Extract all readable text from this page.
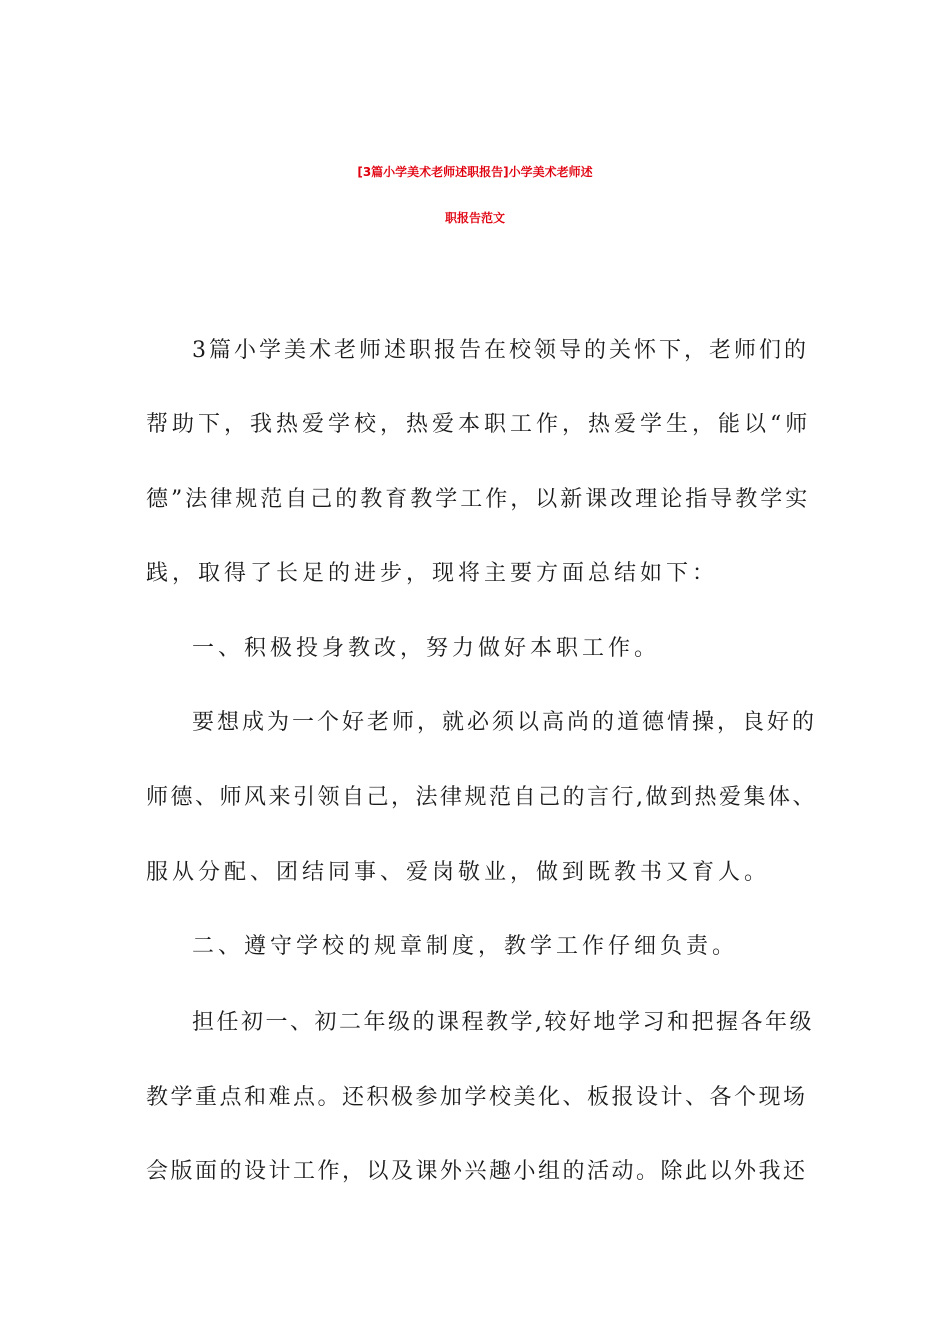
[3篇小学美术老师述职报告]小学美术老师述
职报告范文

3篇小学美术老师述职报告在校领导的关怀下，老师们的

帮助下，我热爱学校，热爱本职工作，热爱学生，能以“师

德”法律规范自己的教育教学工作，以新课改理论指导教学实

践，取得了长足的进步，现将主要方面总结如下：

一、积极投身教改，努力做好本职工作。

要想成为一个好老师，就必须以高尚的道德情操，良好的

师德、师风来引领自己，法律规范自己的言行,做到热爱集体、

服从分配、团结同事、爱岗敬业，做到既教书又育人。

二、遵守学校的规章制度，教学工作仔细负责。

担任初一、初二年级的课程教学,较好地学习和把握各年级

教学重点和难点。还积极参加学校美化、板报设计、各个现场

会版面的设计工作，以及课外兴趣小组的活动。除此以外我还
